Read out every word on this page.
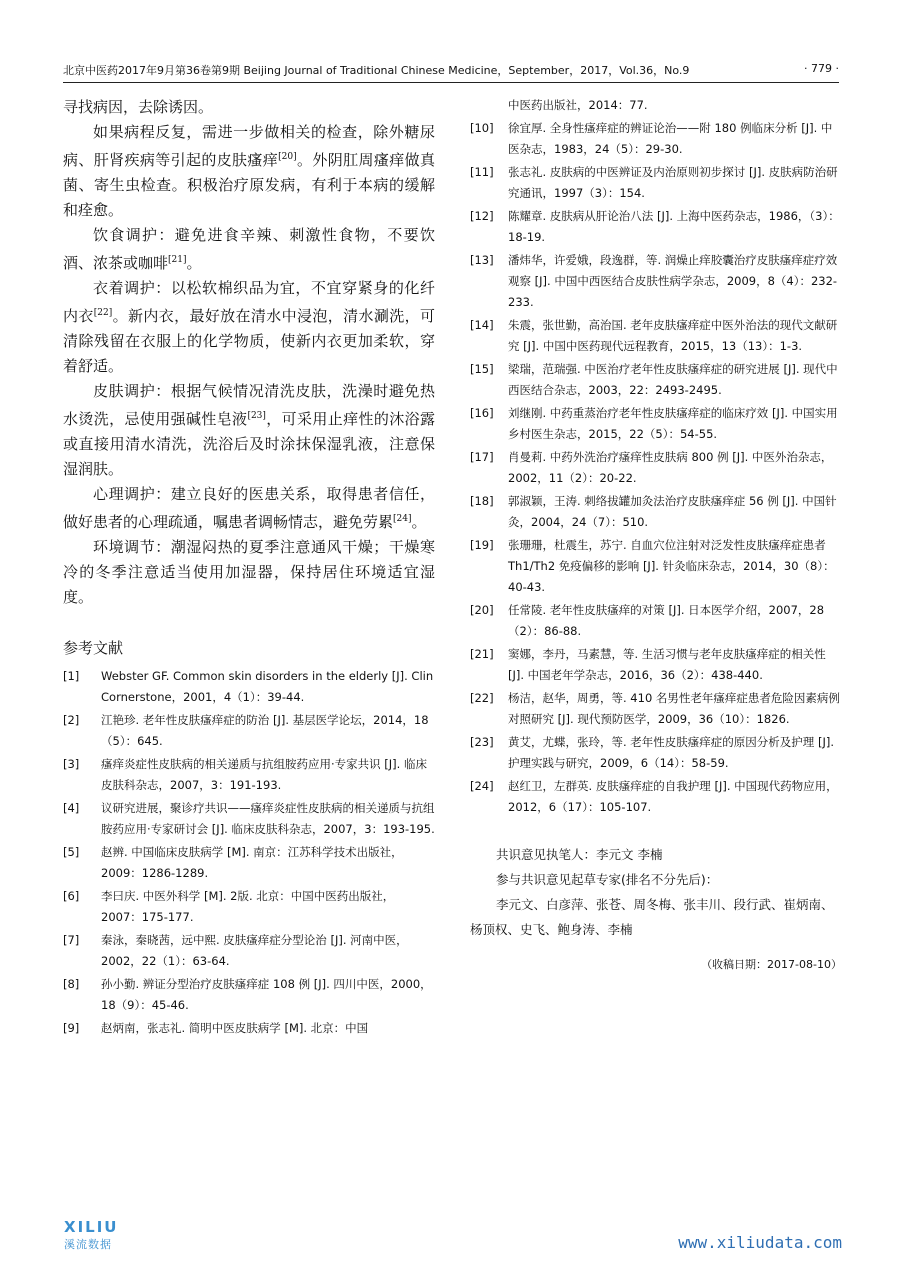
北京中医药2017年9月第36卷第9期 Beijing Journal of Traditional Chinese Medicine，September，2017，Vol.36，No.9	· 779 ·

寻找病因，去除诱因。

如果病程反复，需进一步做相关的检查，除外糖尿病、肝肾疾病等引起的皮肤瘙痒[20]。外阴肛周瘙痒做真菌、寄生虫检查。积极治疗原发病，有利于本病的缓解和痊愈。

饮食调护：避免进食辛辣、刺激性食物，不要饮酒、浓茶或咖啡[21]。

衣着调护：以松软棉织品为宜，不宜穿紧身的化纤内衣[22]。新内衣，最好放在清水中浸泡，清水涮洗，可清除残留在衣服上的化学物质，使新内衣更加柔软，穿着舒适。

皮肤调护：根据气候情况清洗皮肤，洗澡时避免热水烫洗，忌使用强碱性皂液[23]，可采用止痒性的沐浴露或直接用清水清洗，洗浴后及时涂抹保湿乳液，注意保湿润肤。

心理调护：建立良好的医患关系，取得患者信任，做好患者的心理疏通，嘱患者调畅情志，避免劳累[24]。

环境调节：潮湿闷热的夏季注意通风干燥；干燥寒冷的冬季注意适当使用加湿器，保持居住环境适宜湿度。

参考文献
[1] Webster GF. Common skin disorders in the elderly [J]. Clin Cornerstone，2001，4（1）：39-44.
[2] 江艳珍. 老年性皮肤瘙痒症的防治 [J]. 基层医学论坛，2014，18（5）：645.
[3] 瘙痒炎症性皮肤病的相关递质与抗组胺药应用·专家共识 [J]. 临床皮肤科杂志，2007，3：191-193.
[4] 议研究进展，聚诊疗共识——瘙痒炎症性皮肤病的相关递质与抗组胺药应用·专家研讨会 [J]. 临床皮肤科杂志，2007，3：193-195.
[5] 赵辨. 中国临床皮肤病学 [M]. 南京：江苏科学技术出版社，2009：1286-1289.
[6] 李曰庆. 中医外科学 [M]. 2版. 北京：中国中医药出版社，2007：175-177.
[7] 秦泳，秦晓茜，远中熙. 皮肤瘙痒症分型论治 [J]. 河南中医，2002，22（1）：63-64.
[8] 孙小勤. 辨证分型治疗皮肤瘙痒症 108 例 [J]. 四川中医，2000，18（9）：45-46.
[9] 赵炳南，张志礼. 简明中医皮肤病学 [M]. 北京：中国
中医药出版社，2014：77.
[10] 徐宜厚. 全身性瘙痒症的辨证论治——附 180 例临床分析 [J]. 中医杂志，1983，24（5）：29-30.
[11] 张志礼. 皮肤病的中医辨证及内治原则初步探讨 [J]. 皮肤病防治研究通讯，1997（3）：154.
[12] 陈耀章. 皮肤病从肝论治八法 [J]. 上海中医药杂志，1986，（3）：18-19.
[13] 潘炜华，许爱娥，段逸群，等. 润燥止痒胶囊治疗皮肤瘙痒症疗效观察 [J]. 中国中西医结合皮肤性病学杂志，2009，8（4）：232-233.
[14] 朱震，张世勤，高治国. 老年皮肤瘙痒症中医外治法的现代文献研究 [J]. 中国中医药现代远程教育，2015，13（13）：1-3.
[15] 梁瑞，范瑞强. 中医治疗老年性皮肤瘙痒症的研究进展 [J]. 现代中西医结合杂志，2003，22：2493-2495.
[16] 刘继刚. 中药重蒸治疗老年性皮肤瘙痒症的临床疗效 [J]. 中国实用乡村医生杂志，2015，22（5）：54-55.
[17] 肖曼莉. 中药外洗治疗瘙痒性皮肤病 800 例 [J]. 中医外治杂志，2002，11（2）：20-22.
[18] 郭淑颖，王涛. 刺络拔罐加灸法治疗皮肤瘙痒症 56 例 [J]. 中国针灸，2004，24（7）：510.
[19] 张珊珊，杜震生，苏宁. 自血穴位注射对泛发性皮肤瘙痒症患者 Th1/Th2 免疫偏移的影响 [J]. 针灸临床杂志，2014，30（8）：40-43.
[20] 任常陵. 老年性皮肤瘙痒的对策 [J]. 日本医学介绍，2007，28（2）：86-88.
[21] 窦娜，李丹，马素慧，等. 生活习惯与老年皮肤瘙痒症的相关性 [J]. 中国老年学杂志，2016，36（2）：438-440.
[22] 杨洁，赵华，周勇，等. 410 名男性老年瘙痒症患者危险因素病例对照研究 [J]. 现代预防医学，2009，36（10）：1826.
[23] 黄艾，尤蝶，张玲，等. 老年性皮肤瘙痒症的原因分析及护理 [J]. 护理实践与研究，2009，6（14）：58-59.
[24] 赵红卫，左群英. 皮肤瘙痒症的自我护理 [J]. 中国现代药物应用，2012，6（17）：105-107.
共识意见执笔人：李元文 李楠
参与共识意见起草专家(排名不分先后)：
李元文、白彦萍、张苍、周冬梅、张丰川、段行武、崔炳南、杨顶权、史飞、鲍身涛、李楠
（收稿日期：2017-08-10）
XILIU
溪流数据	www.xiliudata.com
